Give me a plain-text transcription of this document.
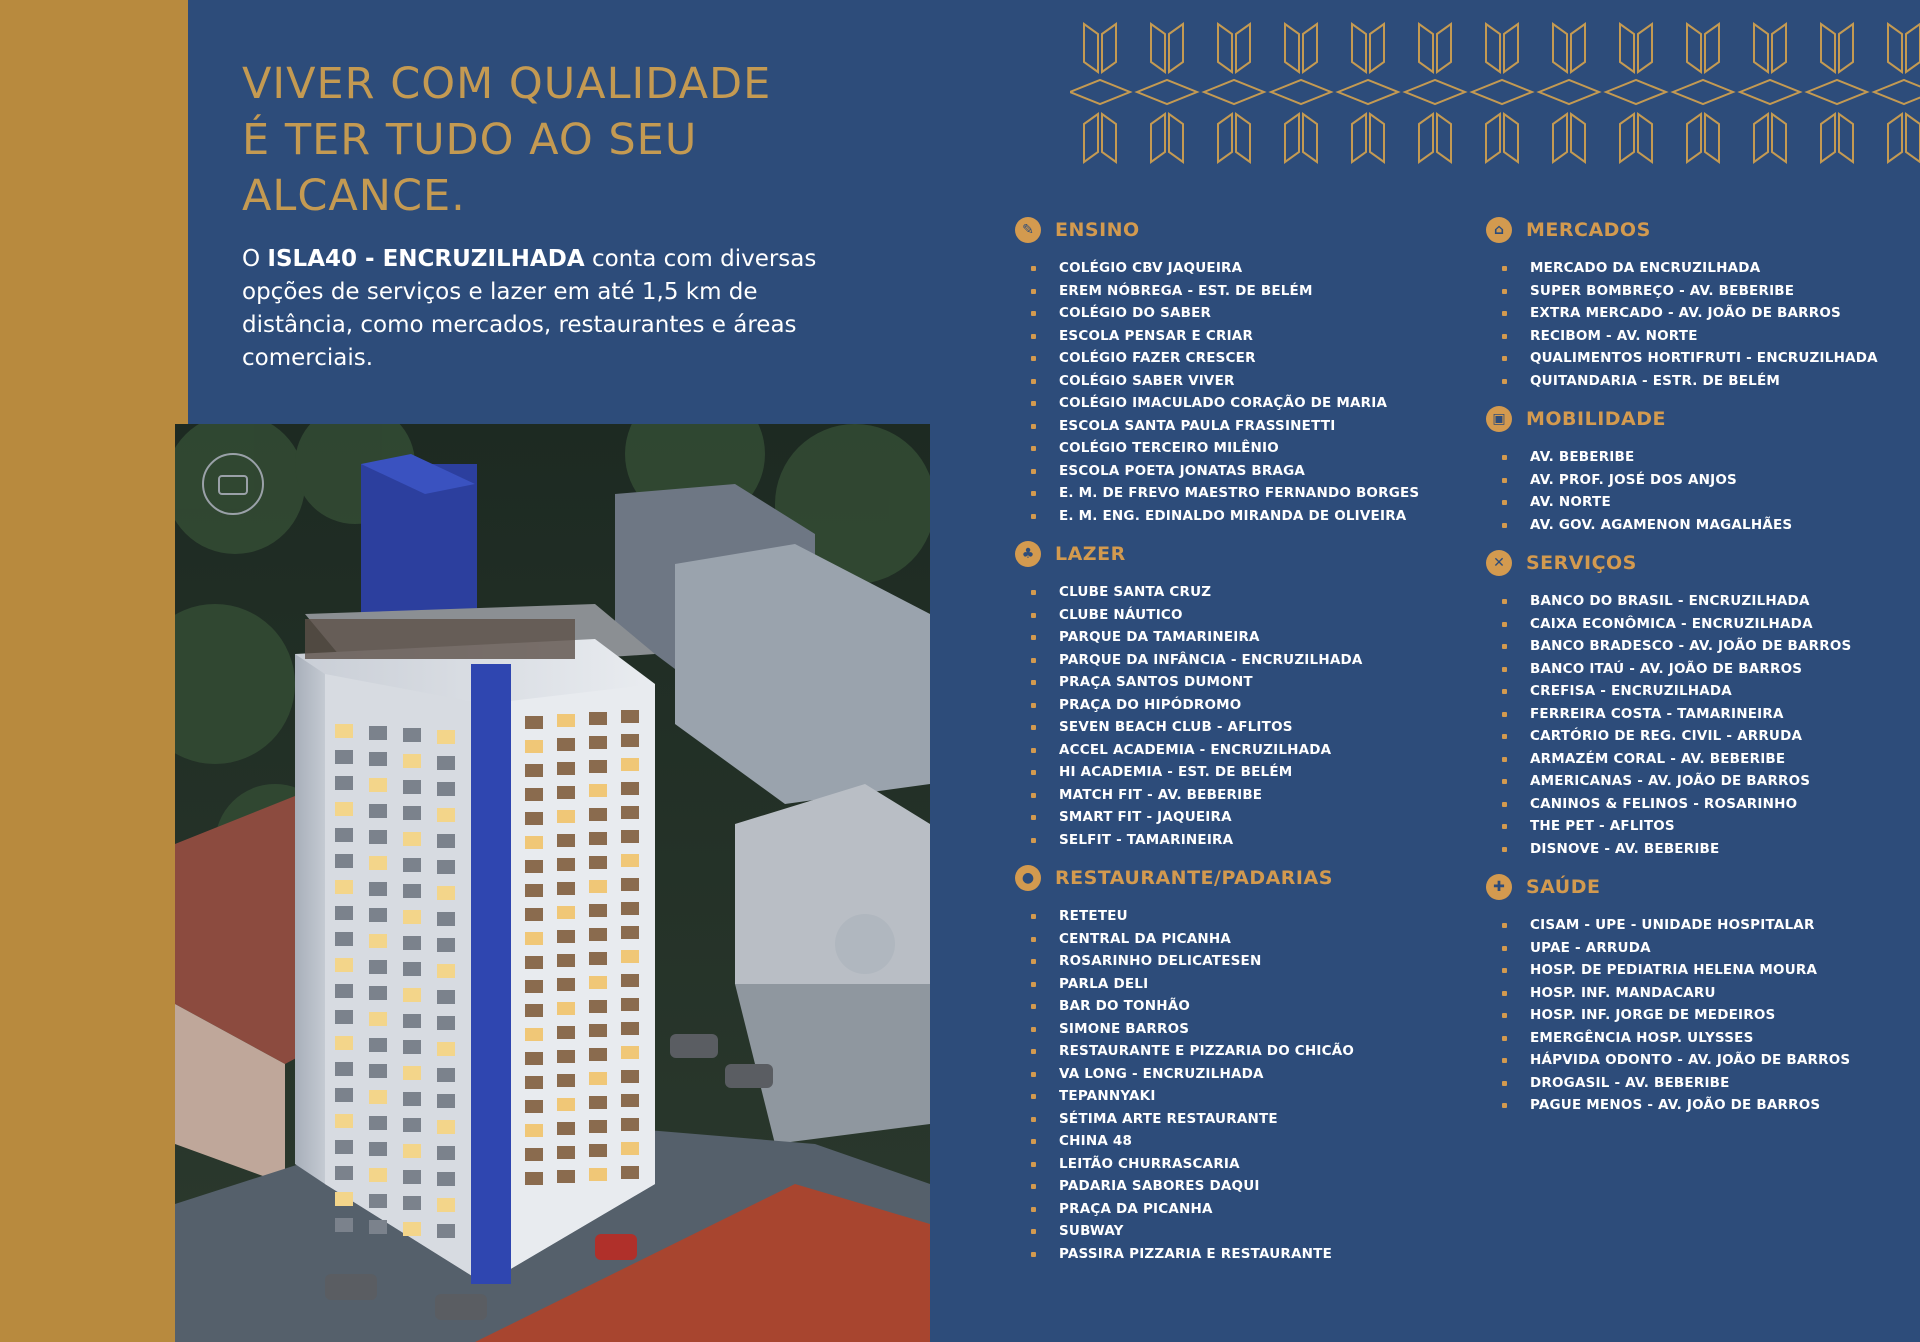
VIVER COM QUALIDADE
É TER TUDO AO SEU
ALCANCE.

O ISLA40 - ENCRUZILHADA conta com diversas opções de serviços e lazer em até 1,5 km de distância, como mercados, restaurantes e áreas comerciais.

✎	ENSINO
COLÉGIO CBV JAQUEIRA
EREM NÓBREGA - EST. DE BELÉM
COLÉGIO DO SABER
ESCOLA PENSAR E CRIAR
COLÉGIO FAZER CRESCER
COLÉGIO SABER VIVER
COLÉGIO IMACULADO CORAÇÃO DE MARIA
ESCOLA SANTA PAULA FRASSINETTI
COLÉGIO TERCEIRO MILÊNIO
ESCOLA POETA JONATAS BRAGA
E. M. DE FREVO MAESTRO FERNANDO BORGES
E. M. ENG. EDINALDO MIRANDA DE OLIVEIRA
♣	LAZER
CLUBE SANTA CRUZ
CLUBE NÁUTICO
PARQUE DA TAMARINEIRA
PARQUE DA INFÂNCIA - ENCRUZILHADA
PRAÇA SANTOS DUMONT
PRAÇA DO HIPÓDROMO
SEVEN BEACH CLUB - AFLITOS
ACCEL ACADEMIA - ENCRUZILHADA
HI ACADEMIA - EST. DE BELÉM
MATCH FIT - AV. BEBERIBE
SMART FIT - JAQUEIRA
SELFIT - TAMARINEIRA
●	RESTAURANTE/PADARIAS
RETETEU
CENTRAL DA PICANHA
ROSARINHO DELICATESEN
PARLA DELI
BAR DO TONHÃO
SIMONE BARROS
RESTAURANTE E PIZZARIA DO CHICÃO
VA LONG - ENCRUZILHADA
TEPANNYAKI
SÉTIMA ARTE RESTAURANTE
CHINA 48
LEITÃO CHURRASCARIA
PADARIA SABORES DAQUI
PRAÇA DA PICANHA
SUBWAY
PASSIRA PIZZARIA E RESTAURANTE
⌂	MERCADOS
MERCADO DA ENCRUZILHADA
SUPER BOMBREÇO - AV. BEBERIBE
EXTRA MERCADO - AV. JOÃO DE BARROS
RECIBOM - AV. NORTE
QUALIMENTOS HORTIFRUTI - ENCRUZILHADA
QUITANDARIA - ESTR. DE BELÉM
▣	MOBILIDADE
AV. BEBERIBE
AV. PROF. JOSÉ DOS ANJOS
AV. NORTE
AV. GOV. AGAMENON MAGALHÃES
✕	SERVIÇOS
BANCO DO BRASIL - ENCRUZILHADA
CAIXA ECONÔMICA - ENCRUZILHADA
BANCO BRADESCO - AV. JOÃO DE BARROS
BANCO ITAÚ - AV. JOÃO DE BARROS
CREFISA - ENCRUZILHADA
FERREIRA COSTA - TAMARINEIRA
CARTÓRIO DE REG. CIVIL - ARRUDA
ARMAZÉM CORAL - AV. BEBERIBE
AMERICANAS - AV. JOÃO DE BARROS
CANINOS & FELINOS - ROSARINHO
THE PET - AFLITOS
DISNOVE - AV. BEBERIBE
✚	SAÚDE
CISAM - UPE - UNIDADE HOSPITALAR
UPAE - ARRUDA
HOSP. DE PEDIATRIA HELENA MOURA
HOSP. INF. MANDACARU
HOSP. INF. JORGE DE MEDEIROS
EMERGÊNCIA HOSP. ULYSSES
HÁPVIDA ODONTO - AV. JOÃO DE BARROS
DROGASIL - AV. BEBERIBE
PAGUE MENOS - AV. JOÃO DE BARROS
